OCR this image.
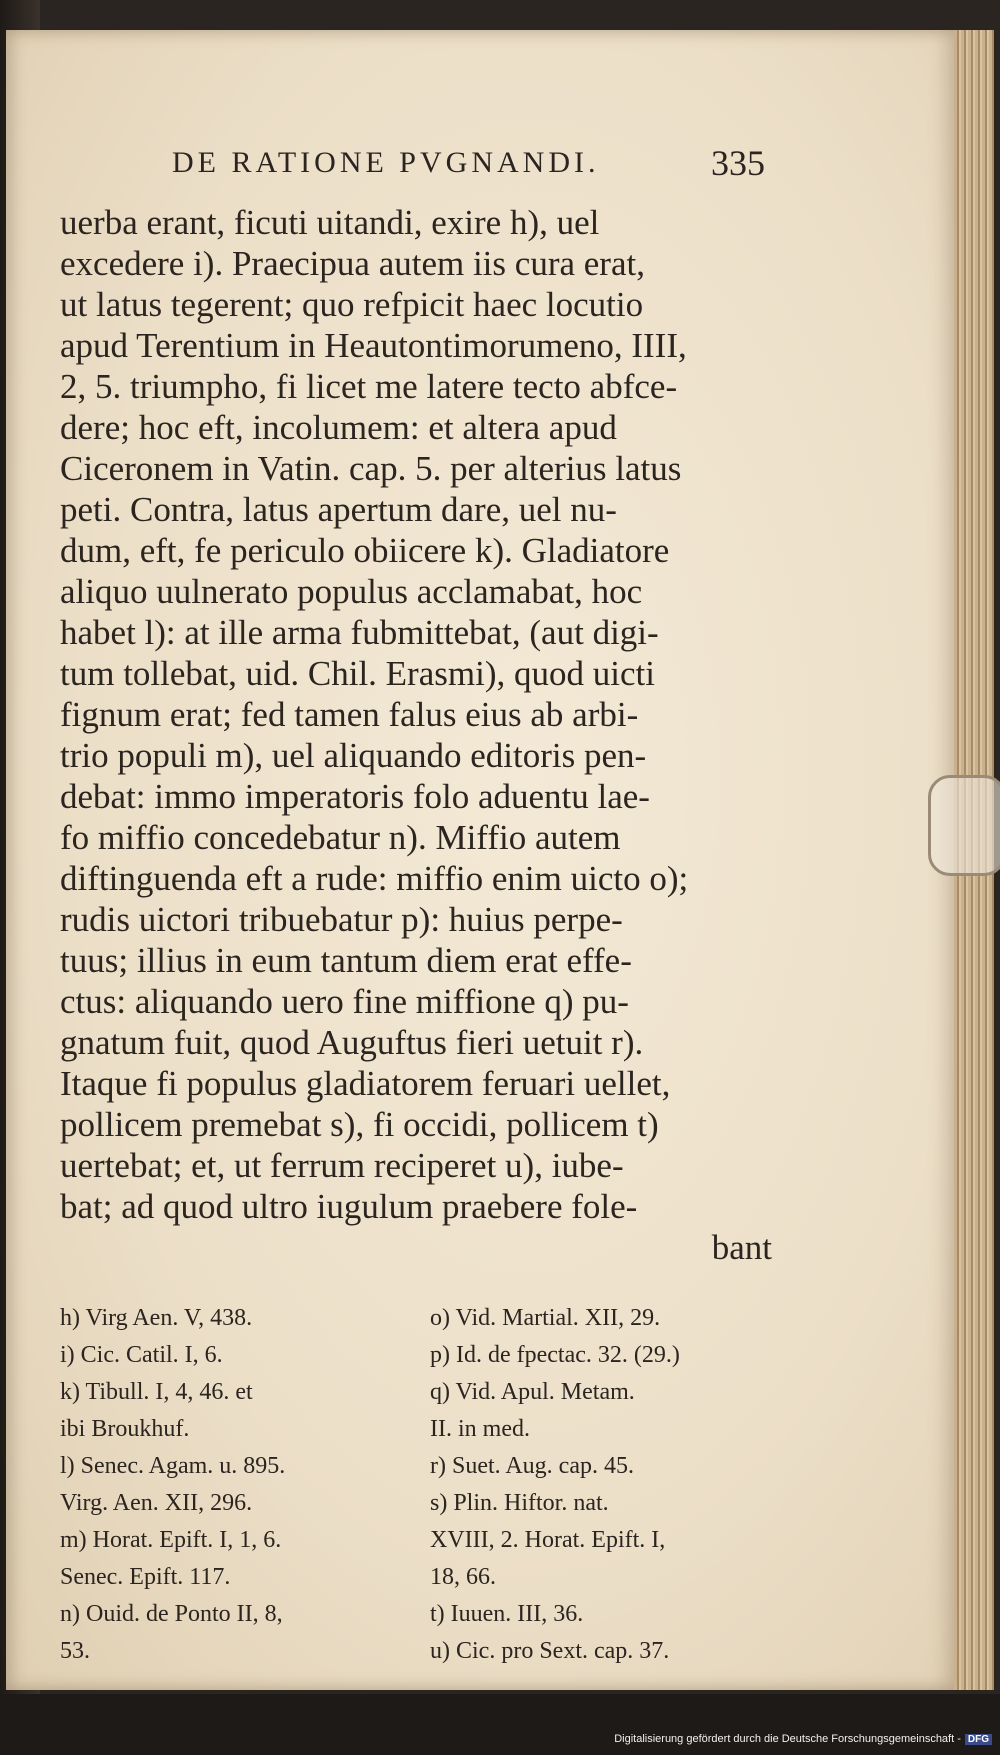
DE RATIONE PVGNANDI.	335
uerba erant, ficuti uitandi, exire h), uel
excedere i). Praecipua autem iis cura erat,
ut latus tegerent; quo refpicit haec locutio
apud Terentium in Heautontimorumeno, IIII,
2, 5. triumpho, fi licet me latere tecto abfce-
dere; hoc eft, incolumem: et altera apud
Ciceronem in Vatin. cap. 5. per alterius latus
peti. Contra, latus apertum dare, uel nu-
dum, eft, fe periculo obiicere k). Gladiatore
aliquo uulnerato populus acclamabat, hoc
habet l): at ille arma fubmittebat, (aut digi-
tum tollebat, uid. Chil. Erasmi), quod uicti
fignum erat; fed tamen falus eius ab arbi-
trio populi m), uel aliquando editoris pen-
debat: immo imperatoris folo aduentu lae-
fo miffio concedebatur n). Miffio autem
diftinguenda eft a rude: miffio enim uicto o);
rudis uictori tribuebatur p): huius perpe-
tuus; illius in eum tantum diem erat effe-
ctus: aliquando uero fine miffione q) pu-
gnatum fuit, quod Auguftus fieri uetuit r).
Itaque fi populus gladiatorem feruari uellet,
pollicem premebat s), fi occidi, pollicem t)
uertebat; et, ut ferrum reciperet u), iube-
bat; ad quod ultro iugulum praebere fole-
bant
h) Virg Aen. V, 438.
i) Cic. Catil. I, 6.
k) Tibull. I, 4, 46. et
ibi Broukhuf.
l) Senec. Agam. u. 895.
Virg. Aen. XII, 296.
m) Horat. Epift. I, 1, 6.
Senec. Epift. 117.
n) Ouid. de Ponto II, 8,
53.
o) Vid. Martial. XII, 29.
p) Id. de fpectac. 32. (29.)
q) Vid. Apul. Metam.
II. in med.
r) Suet. Aug. cap. 45.
s) Plin. Hiftor. nat.
XVIII, 2. Horat. Epift. I,
18, 66.
t) Iuuen. III, 36.
u) Cic. pro Sext. cap. 37.
Digitalisierung gefördert durch die Deutsche Forschungsgemeinschaft - DFG
